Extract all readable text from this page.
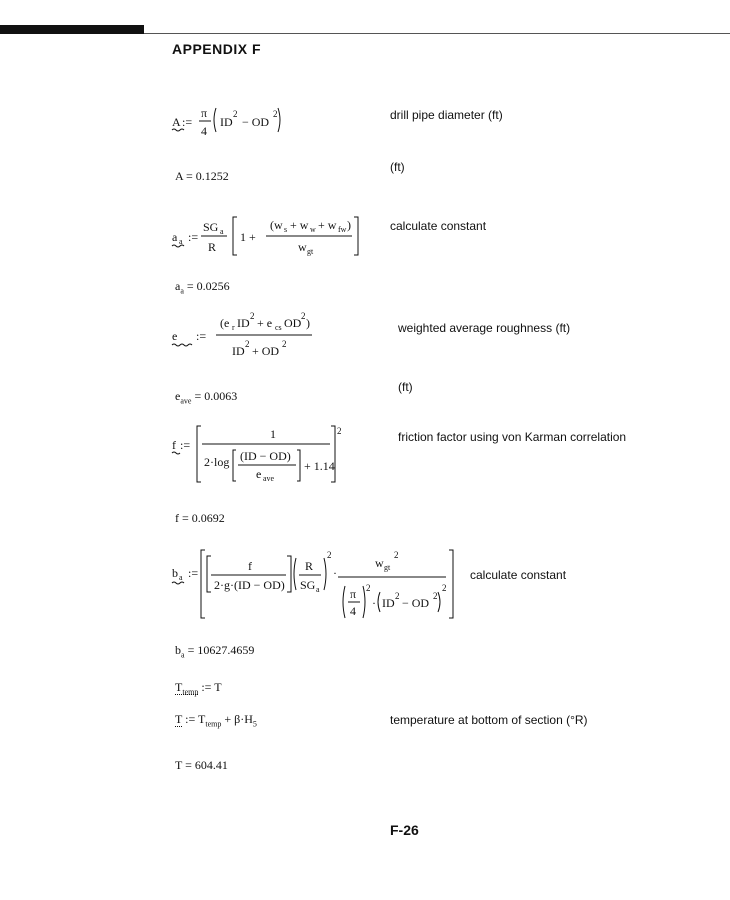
APPENDIX F
A :=
π
4
ID
2
− OD
2	drill pipe diameter (ft)
A = 0.1252
(ft)
a a :=
SG a
R
1 +
(w s + w w + w fw )
w gt
calculate constant
$a_a = 0.0256$
e :=
(e r ID 2 + e cs OD 2 )
ID 2 + OD 2
weighted average roughness (ft)
(ft)
$e_{ave} = 0.0063$
f :=
1
2·log (ID − OD)
e ave
+ 1.14
2	friction factor using von Karman correlation
f = 0.0692
b a :=	f
2·g·(ID − OD)
R
SG a
2
·
w gt
2
π
4
2
· ID 2 − OD 2
2
calculate constant
$b_a = 10627.4659$
$T_{temp}$ := T
T := $T_{temp} + \beta\cdot H_5$	temperature at bottom of section (°R)
T = 604.41
F-26
